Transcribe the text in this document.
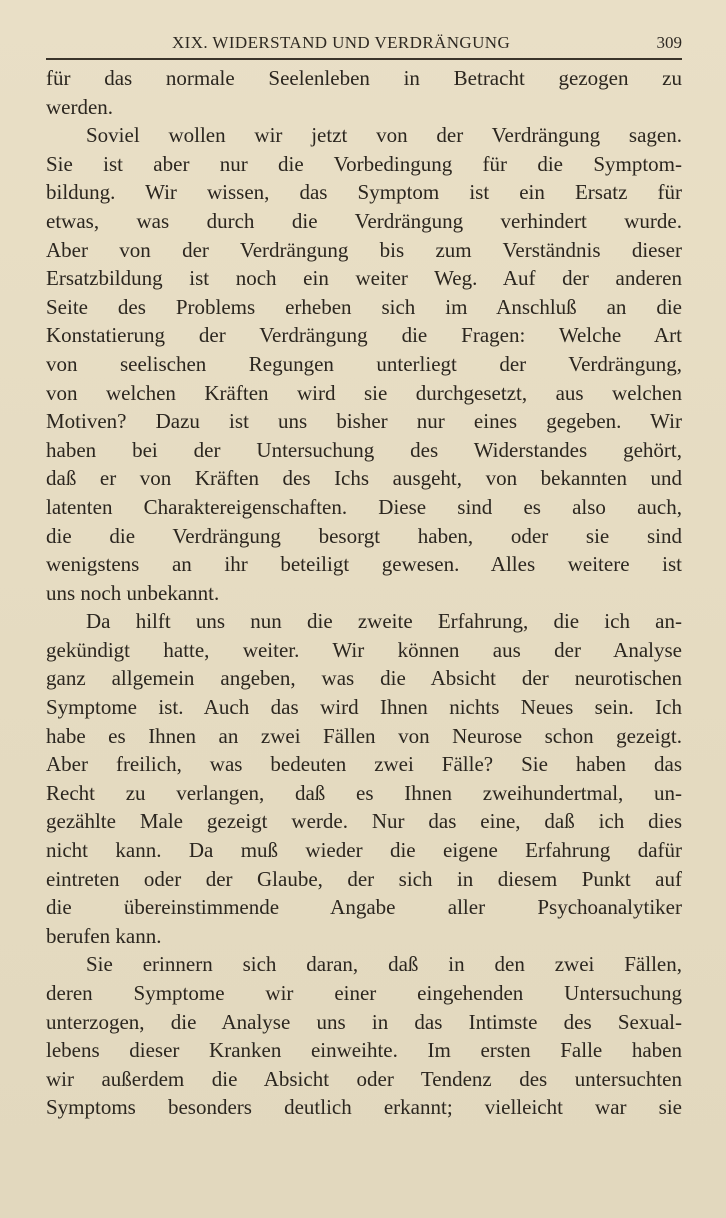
XIX. WIDERSTAND UND VERDRÄNGUNG	309
für das normale Seelenleben in Betracht gezogen zu
werden.
Soviel wollen wir jetzt von der Verdrängung sagen.
Sie ist aber nur die Vorbedingung für die Symptom-
bildung. Wir wissen, das Symptom ist ein Ersatz für
etwas, was durch die Verdrängung verhindert wurde.
Aber von der Verdrängung bis zum Verständnis dieser
Ersatzbildung ist noch ein weiter Weg. Auf der anderen
Seite des Problems erheben sich im Anschluß an die
Konstatierung der Verdrängung die Fragen: Welche Art
von seelischen Regungen unterliegt der Verdrängung,
von welchen Kräften wird sie durchgesetzt, aus welchen
Motiven? Dazu ist uns bisher nur eines gegeben. Wir
haben bei der Untersuchung des Widerstandes gehört,
daß er von Kräften des Ichs ausgeht, von bekannten und
latenten Charaktereigenschaften. Diese sind es also auch,
die die Verdrängung besorgt haben, oder sie sind
wenigstens an ihr beteiligt gewesen. Alles weitere ist
uns noch unbekannt.
Da hilft uns nun die zweite Erfahrung, die ich an-
gekündigt hatte, weiter. Wir können aus der Analyse
ganz allgemein angeben, was die Absicht der neurotischen
Symptome ist. Auch das wird Ihnen nichts Neues sein. Ich
habe es Ihnen an zwei Fällen von Neurose schon gezeigt.
Aber freilich, was bedeuten zwei Fälle? Sie haben das
Recht zu verlangen, daß es Ihnen zweihundertmal, un-
gezählte Male gezeigt werde. Nur das eine, daß ich dies
nicht kann. Da muß wieder die eigene Erfahrung dafür
eintreten oder der Glaube, der sich in diesem Punkt auf
die übereinstimmende Angabe aller Psychoanalytiker
berufen kann.
Sie erinnern sich daran, daß in den zwei Fällen,
deren Symptome wir einer eingehenden Untersuchung
unterzogen, die Analyse uns in das Intimste des Sexual-
lebens dieser Kranken einweihte. Im ersten Falle haben
wir außerdem die Absicht oder Tendenz des untersuchten
Symptoms besonders deutlich erkannt; vielleicht war sie
